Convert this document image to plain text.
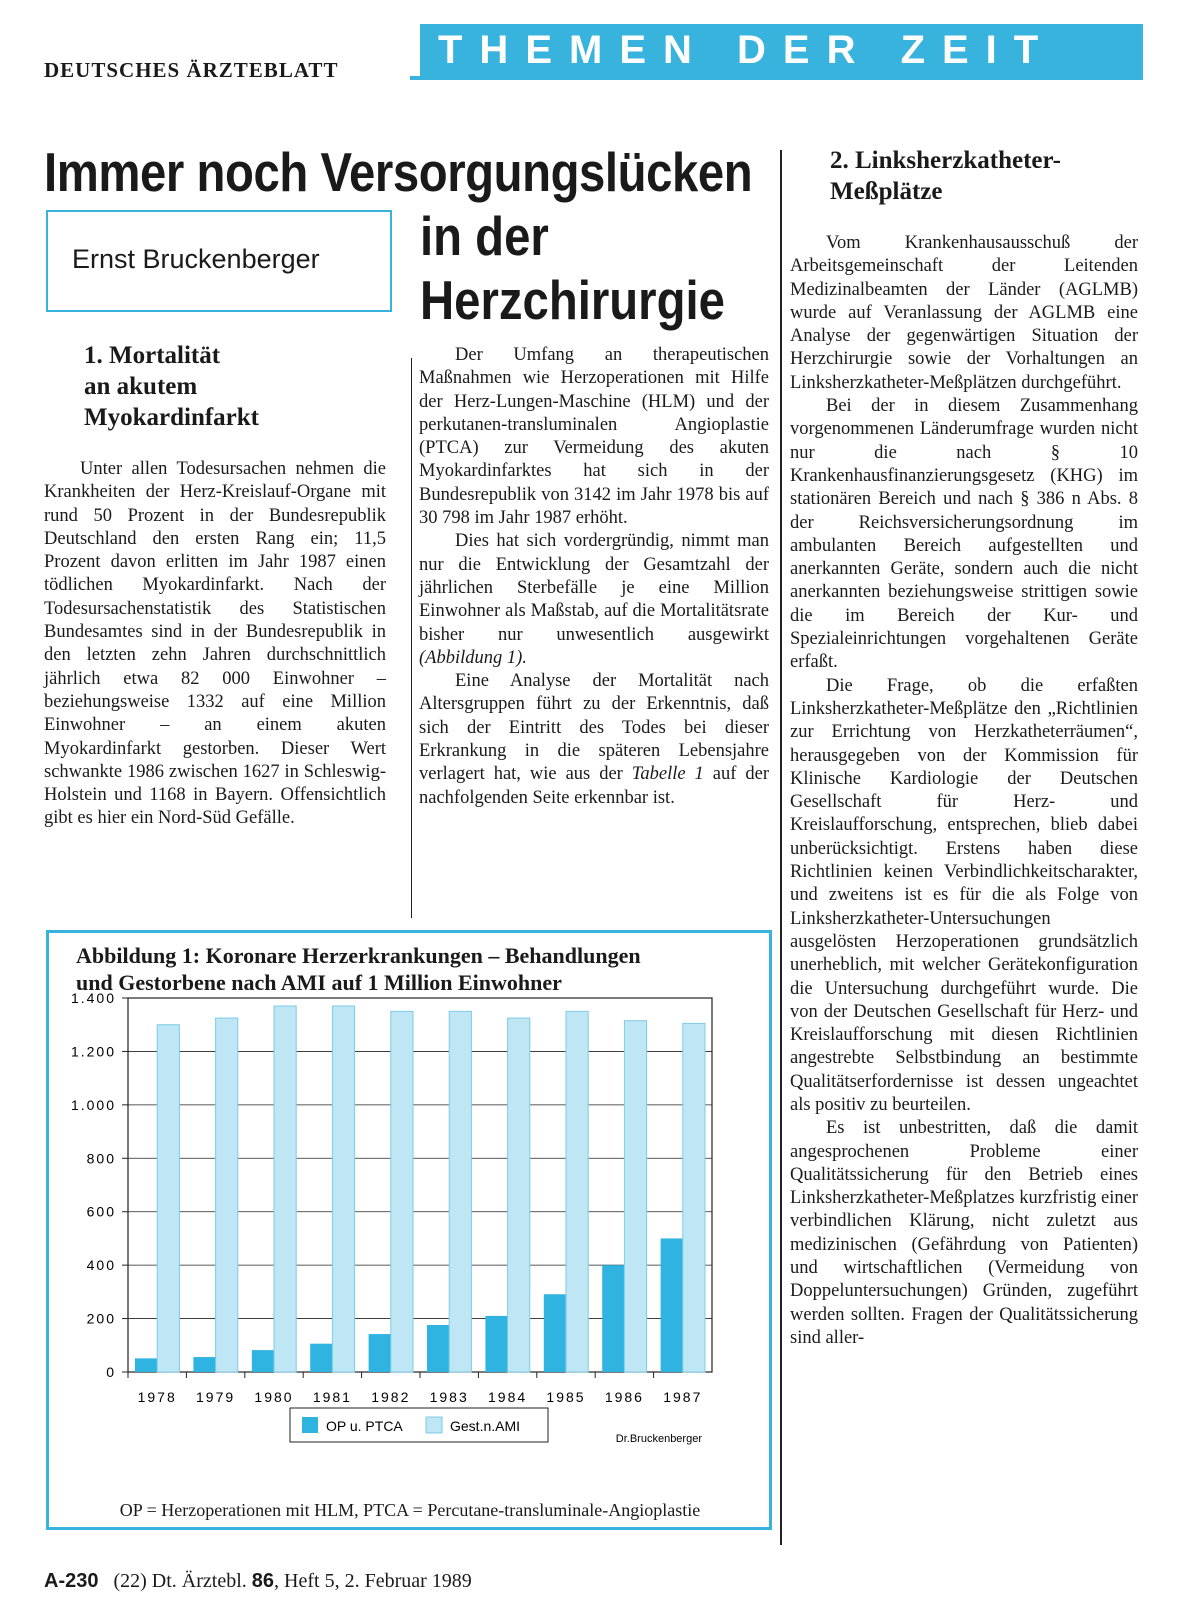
DEUTSCHES ÄRZTEBLATT	THEMEN DER ZEIT
Immer noch Versorgungslücken
in der
Herzchirurgie
Ernst Bruckenberger
1. Mortalität
an akutem
Myokardinfarkt

Unter allen Todesursachen nehmen die Krankheiten der Herz-Kreislauf-Organe mit rund 50 Prozent in der Bundesrepublik Deutschland den ersten Rang ein; 11,5 Prozent davon erlitten im Jahr 1987 einen tödlichen Myokardinfarkt. Nach der Todesursachenstatistik des Statistischen Bundesamtes sind in der Bundesrepublik in den letzten zehn Jahren durchschnittlich jährlich etwa 82 000 Einwohner – beziehungsweise 1332 auf eine Million Einwohner – an einem akuten Myokardinfarkt gestorben. Dieser Wert schwankte 1986 zwischen 1627 in Schleswig-Holstein und 1168 in Bayern. Offensichtlich gibt es hier ein Nord-Süd Gefälle.

Der Umfang an therapeutischen Maßnahmen wie Herzoperationen mit Hilfe der Herz-Lungen-Maschine (HLM) und der perkutanen-transluminalen Angioplastie (PTCA) zur Vermeidung des akuten Myokardinfarktes hat sich in der Bundesrepublik von 3142 im Jahr 1978 bis auf 30 798 im Jahr 1987 erhöht.

Dies hat sich vordergründig, nimmt man nur die Entwicklung der Gesamtzahl der jährlichen Sterbefälle je eine Million Einwohner als Maßstab, auf die Mortalitätsrate bisher nur unwesentlich ausgewirkt (Abbildung 1).

Eine Analyse der Mortalität nach Altersgruppen führt zu der Erkenntnis, daß sich der Eintritt des Todes bei dieser Erkrankung in die späteren Lebensjahre verlagert hat, wie aus der Tabelle 1 auf der nachfolgenden Seite erkennbar ist.

2. Linksherzkatheter-
Meßplätze

Vom Krankenhausausschuß der Arbeitsgemeinschaft der Leitenden Medizinalbeamten der Länder (AGLMB) wurde auf Veranlassung der AGLMB eine Analyse der gegenwärtigen Situation der Herzchirurgie sowie der Vorhaltungen an Linksherzkatheter-Meßplätzen durchgeführt.

Bei der in diesem Zusammenhang vorgenommenen Länderumfrage wurden nicht nur die nach § 10 Krankenhausfinanzierungsgesetz (KHG) im stationären Bereich und nach § 386 n Abs. 8 der Reichsversicherungsordnung im ambulanten Bereich aufgestellten und anerkannten Geräte, sondern auch die nicht anerkannten beziehungsweise strittigen sowie die im Bereich der Kur- und Spezialeinrichtungen vorgehaltenen Geräte erfaßt.

Die Frage, ob die erfaßten Linksherzkatheter-Meßplätze den „Richtlinien zur Errichtung von Herzkatheterräumen“, herausgegeben von der Kommission für Klinische Kardiologie der Deutschen Gesellschaft für Herz- und Kreislaufforschung, entsprechen, blieb dabei unberücksichtigt. Erstens haben diese Richtlinien keinen Verbindlichkeitscharakter, und zweitens ist es für die als Folge von Linksherzkatheter-Untersuchungen ausgelösten Herzoperationen grundsätzlich unerheblich, mit welcher Gerätekonfiguration die Untersuchung durchgeführt wurde. Die von der Deutschen Gesellschaft für Herz- und Kreislaufforschung mit diesen Richtlinien angestrebte Selbstbindung an bestimmte Qualitätserfordernisse ist dessen ungeachtet als positiv zu beurteilen.

Es ist unbestritten, daß die damit angesprochenen Probleme einer Qualitätssicherung für den Betrieb eines Linksherzkatheter-Meßplatzes kurzfristig einer verbindlichen Klärung, nicht zuletzt aus medizinischen (Gefährdung von Patienten) und wirtschaftlichen (Vermeidung von Doppeluntersuchungen) Gründen, zugeführt werden sollten. Fragen der Qualitätssicherung sind aller-

Abbildung 1: Koronare Herzerkrankungen – Behandlungen
und Gestorbene nach AMI auf 1 Million Einwohner
0
200
400
600
800
1.000
1.200
1.400
1978 1979 1980 1981 1982 1983 1984 1985 1986 1987
OP u. PTCA	Gest.n.AMI
Dr.Bruckenberger
OP = Herzoperationen mit HLM, PTCA = Percutane-transluminale-Angioplastie
A-230 (22) Dt. Ärztebl. 86, Heft 5, 2. Februar 1989
